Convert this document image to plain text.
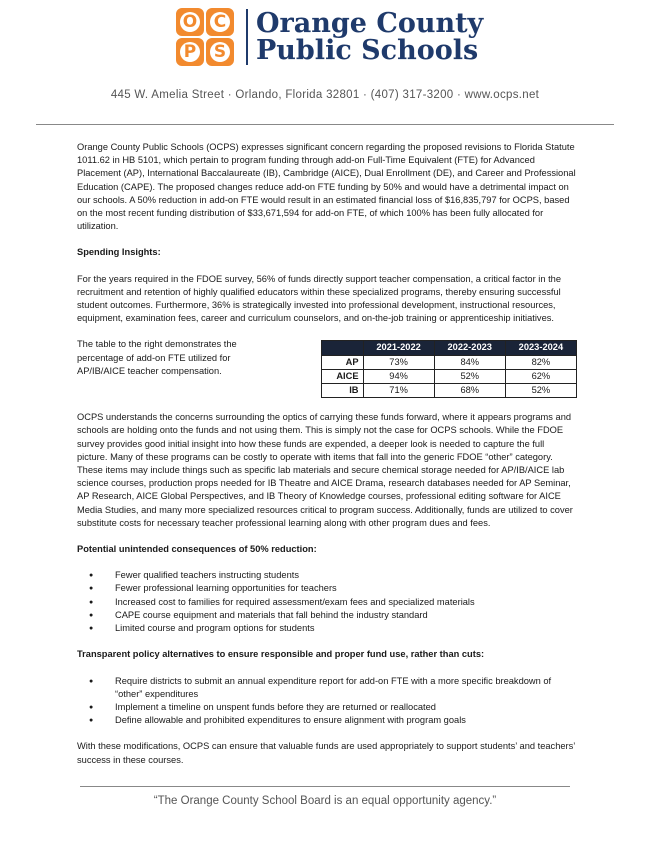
O C
P S
Orange County
Public Schools
445 W. Amelia Street · Orlando, Florida 32801 · (407) 317-3200 · www.ocps.net

Orange County Public Schools (OCPS) expresses significant concern regarding the proposed revisions to Florida Statute 1011.62 in HB 5101, which pertain to program funding through add-on Full-Time Equivalent (FTE) for Advanced Placement (AP), International Baccalaureate (IB), Cambridge (AICE), Dual Enrollment (DE), and Career and Professional Education (CAPE). The proposed changes reduce add-on FTE funding by 50% and would have a detrimental impact on our schools. A 50% reduction in add-on FTE would result in an estimated financial loss of $16,835,797 for OCPS, based on the most recent funding distribution of $33,671,594 for add-on FTE, of which 100% has been fully allocated for utilization.

Spending Insights:

For the years required in the FDOE survey, 56% of funds directly support teacher compensation, a critical factor in the recruitment and retention of highly qualified educators within these specialized programs, thereby ensuring successful student outcomes. Furthermore, 36% is strategically invested into professional development, instructional resources, equipment, examination fees, career and curriculum counselors, and on-the-job training or apprenticeship initiatives.

The table to the right demonstrates the percentage of add-on FTE utilized for AP/IB/AICE teacher compensation.
	2021-2022	2022-2023	2023-2024
AP	73%	84%	82%
AICE	94%	52%	62%
IB	71%	68%	52%

OCPS understands the concerns surrounding the optics of carrying these funds forward, where it appears programs and schools are holding onto the funds and not using them. This is simply not the case for OCPS schools. While the FDOE survey provides good initial insight into how these funds are expended, a deeper look is needed to capture the full picture. Many of these programs can be costly to operate with items that fall into the generic FDOE “other” category. These items may include things such as specific lab materials and secure chemical storage needed for AP/IB/AICE lab science courses, production props needed for IB Theatre and AICE Drama, research databases needed for AP Seminar, AP Research, AICE Global Perspectives, and IB Theory of Knowledge courses, professional editing software for AICE Media Studies, and many more specialized resources critical to program success. Additionally, funds are utilized to cover substitute costs for necessary teacher professional learning along with other program dues and fees.

Potential unintended consequences of 50% reduction:

● Fewer qualified teachers instructing students
● Fewer professional learning opportunities for teachers
● Increased cost to families for required assessment/exam fees and specialized materials
● CAPE course equipment and materials that fall behind the industry standard
● Limited course and program options for students

Transparent policy alternatives to ensure responsible and proper fund use, rather than cuts:

● Require districts to submit an annual expenditure report for add-on FTE with a more specific breakdown of “other” expenditures
● Implement a timeline on unspent funds before they are returned or reallocated
● Define allowable and prohibited expenditures to ensure alignment with program goals

With these modifications, OCPS can ensure that valuable funds are used appropriately to support students’ and teachers’ success in these courses.

“The Orange County School Board is an equal opportunity agency.”
